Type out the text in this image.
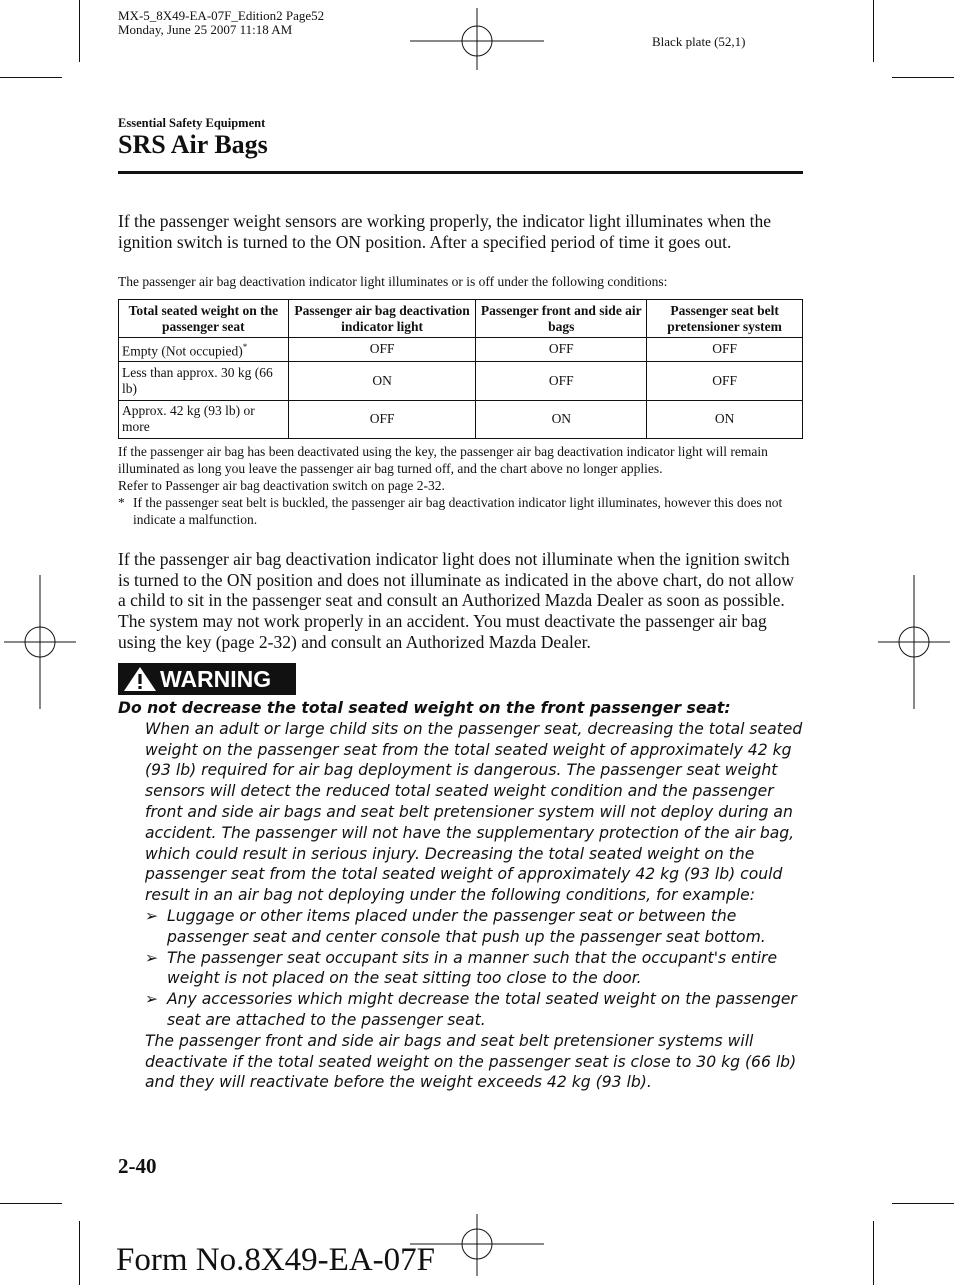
MX-5_8X49-EA-07F_Edition2 Page52
Monday, June 25 2007 11:18 AM
Black plate (52,1)
Essential Safety Equipment
SRS Air Bags
If the passenger weight sensors are working properly, the indicator light illuminates when the ignition switch is turned to the ON position. After a specified period of time it goes out.
The passenger air bag deactivation indicator light illuminates or is off under the following conditions:
Total seated weight on the passenger seat	Passenger air bag deactivation indicator light	Passenger front and side air bags	Passenger seat belt pretensioner system
Empty (Not occupied)*	OFF	OFF	OFF
Less than approx. 30 kg (66 lb)	ON	OFF	OFF
Approx. 42 kg (93 lb) or more	OFF	ON	ON
If the passenger air bag has been deactivated using the key, the passenger air bag deactivation indicator light will remain illuminated as long you leave the passenger air bag turned off, and the chart above no longer applies.
Refer to Passenger air bag deactivation switch on page 2-32.
* If the passenger seat belt is buckled, the passenger air bag deactivation indicator light illuminates, however this does not indicate a malfunction.
If the passenger air bag deactivation indicator light does not illuminate when the ignition switch is turned to the ON position and does not illuminate as indicated in the above chart, do not allow a child to sit in the passenger seat and consult an Authorized Mazda Dealer as soon as possible. The system may not work properly in an accident. You must deactivate the passenger air bag using the key (page 2-32) and consult an Authorized Mazda Dealer.
WARNING
Do not decrease the total seated weight on the front passenger seat:
When an adult or large child sits on the passenger seat, decreasing the total seated weight on the passenger seat from the total seated weight of approximately 42 kg (93 lb) required for air bag deployment is dangerous. The passenger seat weight sensors will detect the reduced total seated weight condition and the passenger front and side air bags and seat belt pretensioner system will not deploy during an accident. The passenger will not have the supplementary protection of the air bag, which could result in serious injury. Decreasing the total seated weight on the passenger seat from the total seated weight of approximately 42 kg (93 lb) could result in an air bag not deploying under the following conditions, for example:
➢ Luggage or other items placed under the passenger seat or between the passenger seat and center console that push up the passenger seat bottom.
➢ The passenger seat occupant sits in a manner such that the occupant's entire weight is not placed on the seat sitting too close to the door.
➢ Any accessories which might decrease the total seated weight on the passenger seat are attached to the passenger seat.
The passenger front and side air bags and seat belt pretensioner systems will deactivate if the total seated weight on the passenger seat is close to 30 kg (66 lb) and they will reactivate before the weight exceeds 42 kg (93 lb).
2-40
Form No.8X49-EA-07F
